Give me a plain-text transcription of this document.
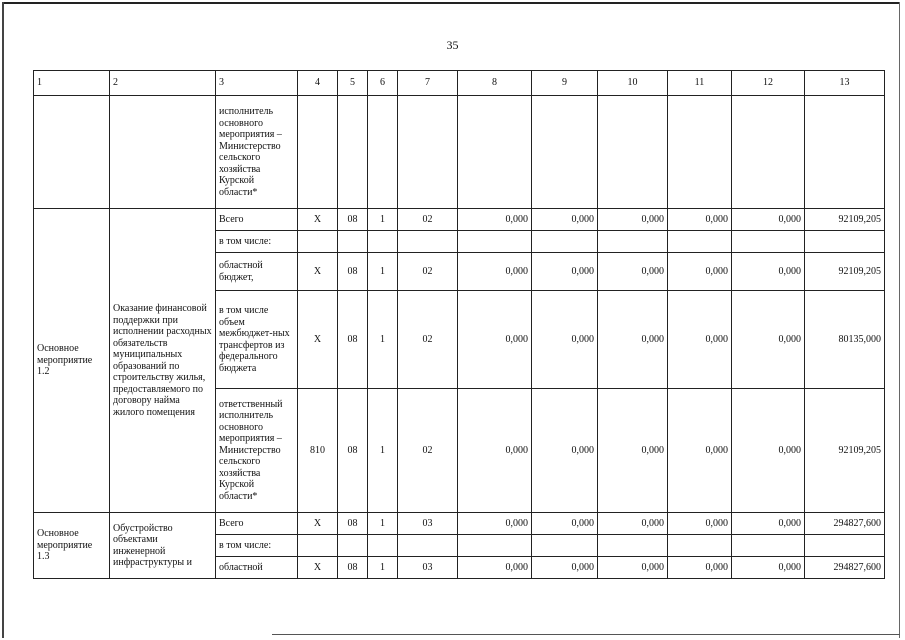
35
1	2	3	4	5	6	7	8	9	10	11	12	13
		исполнитель основного мероприятия – Министерство сельского хозяйства Курской области*										
Основное мероприятие 1.2	Оказание финансовой поддержки при исполнении расходных обязательств муниципальных образований по строительству жилья, предоставляемого по договору найма жилого помещения	Всего	Х	08	1	02	0,000	0,000	0,000	0,000	0,000	92109,205
		в том числе:										
		областной бюджет,	Х	08	1	02	0,000	0,000	0,000	0,000	0,000	92109,205
		в том числе объем межбюджет-ных трансфертов из федерального бюджета	Х	08	1	02	0,000	0,000	0,000	0,000	0,000	80135,000
		ответственный исполнитель основного мероприятия – Министерство сельского хозяйства Курской области*	810	08	1	02	0,000	0,000	0,000	0,000	0,000	92109,205
Основное мероприятие 1.3	Обустройство объектами инженерной инфраструктуры и	Всего	Х	08	1	03	0,000	0,000	0,000	0,000	0,000	294827,600
		в том числе:										
		областной	Х	08	1	03	0,000	0,000	0,000	0,000	0,000	294827,600
